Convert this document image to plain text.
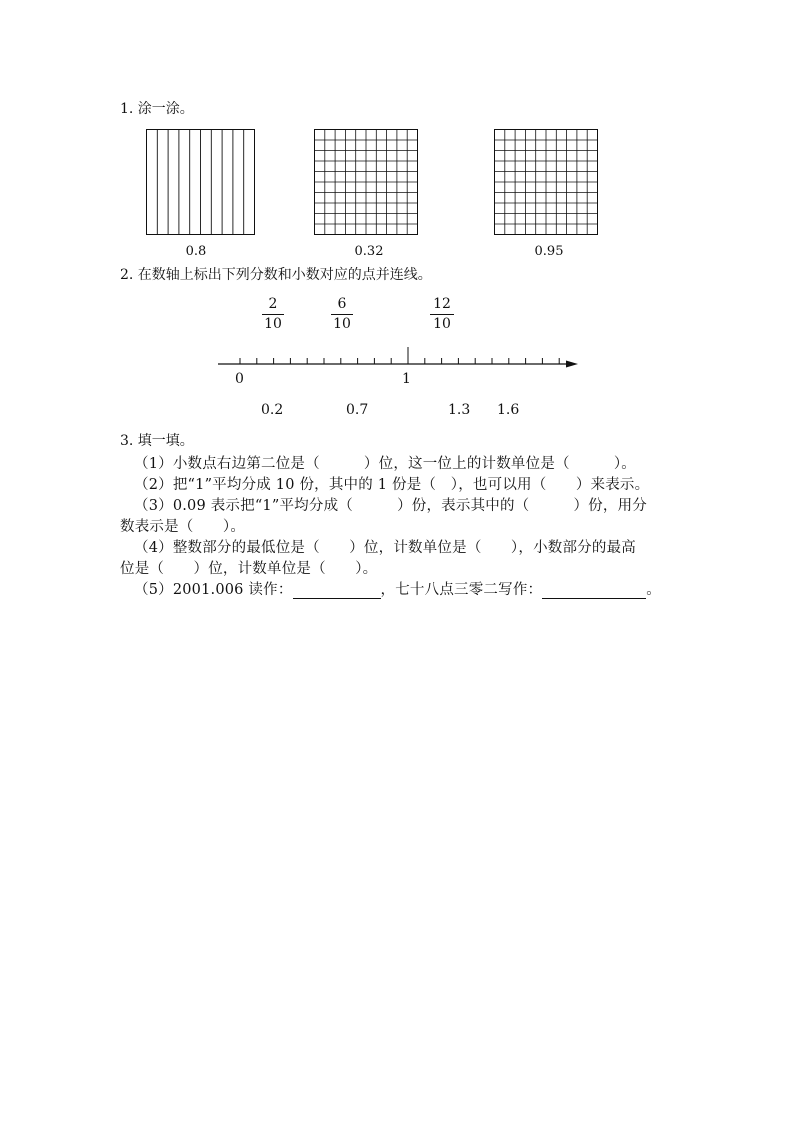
1. 涂一涂。
0.8	0.32	0.95
2. 在数轴上标出下列分数和小数对应的点并连线。
2
10
6
10
12
10
0	1
0.2	0.7	1.3 1.6
3. 填一填。
（1）小数点右边第二位是（　　　）位，这一位上的计数单位是（　　　）。
（2）把“1”平均分成 10 份，其中的 1 份是（　），也可以用（　　）来表示。
（3）0.09 表示把“1”平均分成（　　　）份，表示其中的（　　　）份，用分
数表示是（　　）。
（4）整数部分的最低位是（　　）位，计数单位是（　　），小数部分的最高
位是（　　）位，计数单位是（　　）。
（5）2001.006 读作：	，七十八点三零二写作：	。
